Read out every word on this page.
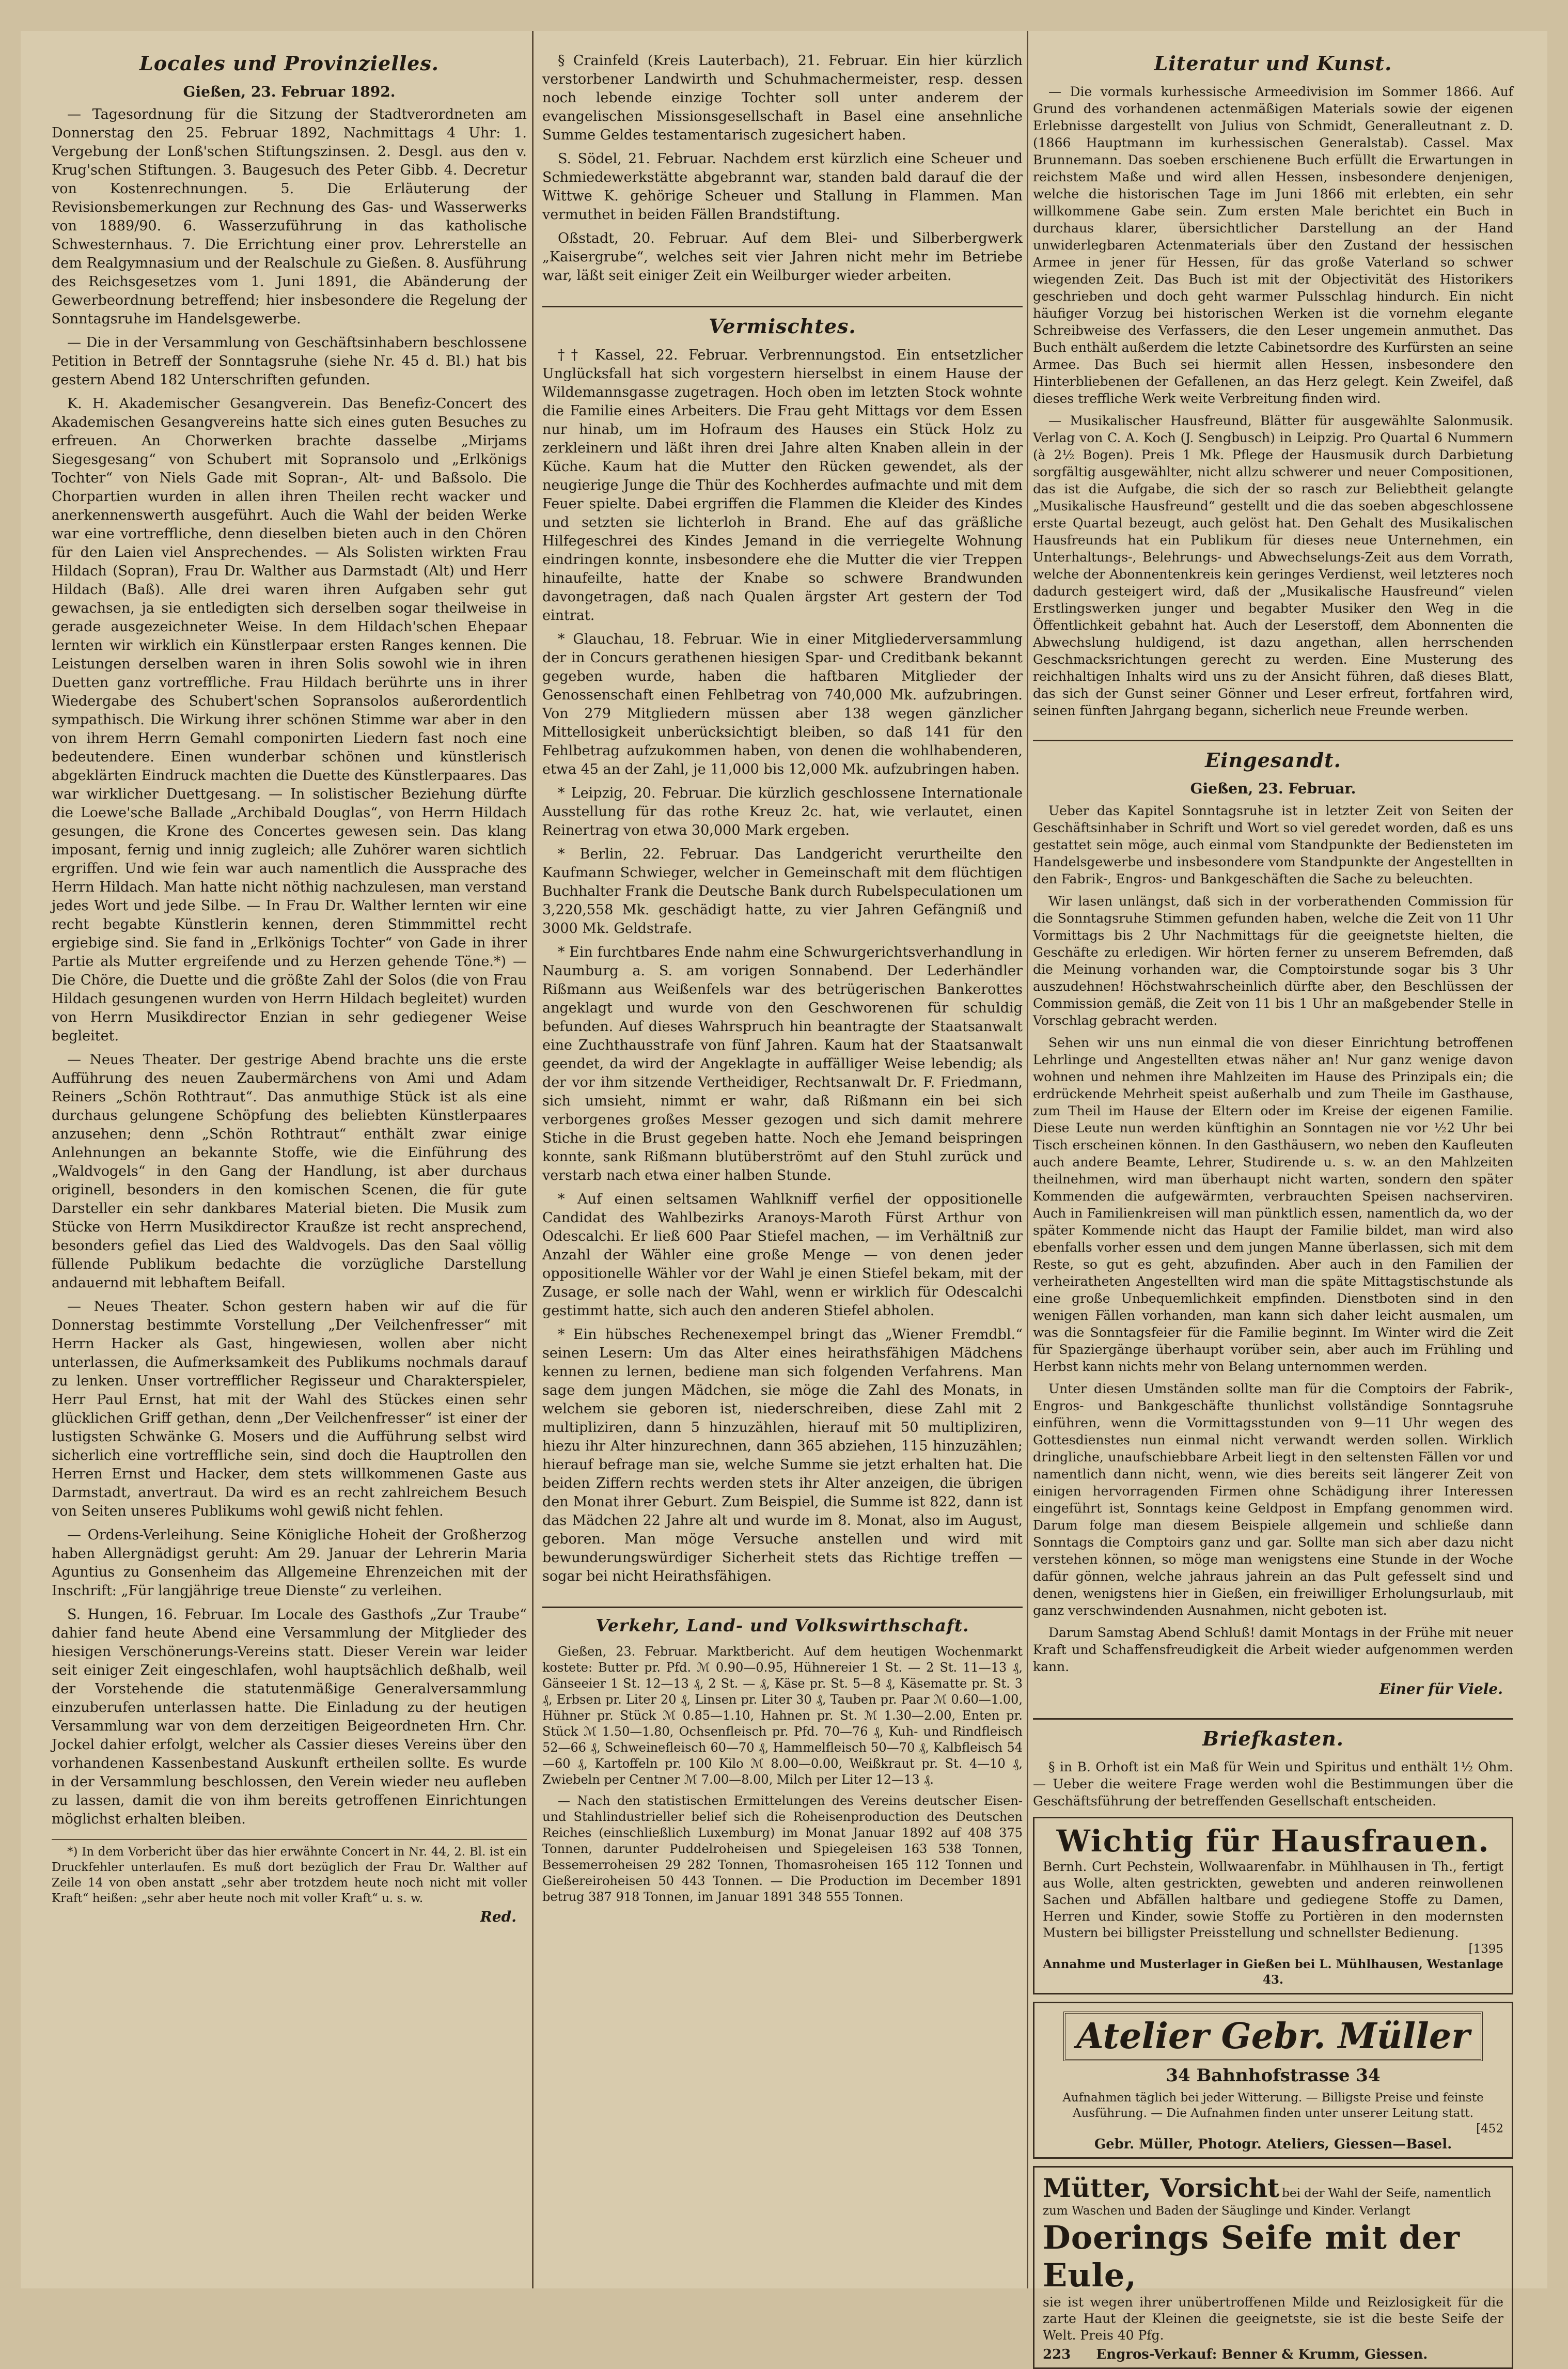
Locales und Provinzielles.
Gießen, 23. Februar 1892.

— Tagesordnung für die Sitzung der Stadtverordneten am Donnerstag den 25. Februar 1892, Nachmittags 4 Uhr: 1. Vergebung der Lonß'schen Stiftungszinsen. 2. Desgl. aus den v. Krug'schen Stiftungen. 3. Baugesuch des Peter Gibb. 4. Decretur von Kostenrechnungen. 5. Die Erläuterung der Revisionsbemerkungen zur Rechnung des Gas- und Wasserwerks von 1889/90. 6. Wasserzuführung in das katholische Schwesternhaus. 7. Die Errichtung einer prov. Lehrerstelle an dem Realgymnasium und der Realschule zu Gießen. 8. Ausführung des Reichsgesetzes vom 1. Juni 1891, die Abänderung der Gewerbeordnung betreffend; hier insbesondere die Regelung der Sonntagsruhe im Handelsgewerbe.

— Die in der Versammlung von Geschäftsinhabern beschlossene Petition in Betreff der Sonntagsruhe (siehe Nr. 45 d. Bl.) hat bis gestern Abend 182 Unterschriften gefunden.

K. H. Akademischer Gesangverein. Das Benefiz-Concert des Akademischen Gesangvereins hatte sich eines guten Besuches zu erfreuen. An Chorwerken brachte dasselbe „Mirjams Siegesgesang“ von Schubert mit Sopransolo und „Erlkönigs Tochter“ von Niels Gade mit Sopran-, Alt- und Baßsolo. Die Chorpartien wurden in allen ihren Theilen recht wacker und anerkennenswerth ausgeführt. Auch die Wahl der beiden Werke war eine vortreffliche, denn dieselben bieten auch in den Chören für den Laien viel Ansprechendes. — Als Solisten wirkten Frau Hildach (Sopran), Frau Dr. Walther aus Darmstadt (Alt) und Herr Hildach (Baß). Alle drei waren ihren Aufgaben sehr gut gewachsen, ja sie entledigten sich derselben sogar theilweise in gerade ausgezeichneter Weise. In dem Hildach'schen Ehepaar lernten wir wirklich ein Künstlerpaar ersten Ranges kennen. Die Leistungen derselben waren in ihren Solis sowohl wie in ihren Duetten ganz vortreffliche. Frau Hildach berührte uns in ihrer Wiedergabe des Schubert'schen Sopransolos außerordentlich sympathisch. Die Wirkung ihrer schönen Stimme war aber in den von ihrem Herrn Gemahl componirten Liedern fast noch eine bedeutendere. Einen wunderbar schönen und künstlerisch abgeklärten Eindruck machten die Duette des Künstlerpaares. Das war wirklicher Duettgesang. — In solistischer Beziehung dürfte die Loewe'sche Ballade „Archibald Douglas“, von Herrn Hildach gesungen, die Krone des Concertes gewesen sein. Das klang imposant, fernig und innig zugleich; alle Zuhörer waren sichtlich ergriffen. Und wie fein war auch namentlich die Aussprache des Herrn Hildach. Man hatte nicht nöthig nachzulesen, man verstand jedes Wort und jede Silbe. — In Frau Dr. Walther lernten wir eine recht begabte Künstlerin kennen, deren Stimmmittel recht ergiebige sind. Sie fand in „Erlkönigs Tochter“ von Gade in ihrer Partie als Mutter ergreifende und zu Herzen gehende Töne.*) — Die Chöre, die Duette und die größte Zahl der Solos (die von Frau Hildach gesungenen wurden von Herrn Hildach begleitet) wurden von Herrn Musikdirector Enzian in sehr gediegener Weise begleitet.

— Neues Theater. Der gestrige Abend brachte uns die erste Aufführung des neuen Zaubermärchens von Ami und Adam Reiners „Schön Rothtraut“. Das anmuthige Stück ist als eine durchaus gelungene Schöpfung des beliebten Künstlerpaares anzusehen; denn „Schön Rothtraut“ enthält zwar einige Anlehnungen an bekannte Stoffe, wie die Einführung des „Waldvogels“ in den Gang der Handlung, ist aber durchaus originell, besonders in den komischen Scenen, die für gute Darsteller ein sehr dankbares Material bieten. Die Musik zum Stücke von Herrn Musikdirector Kraußze ist recht ansprechend, besonders gefiel das Lied des Waldvogels. Das den Saal völlig füllende Publikum bedachte die vorzügliche Darstellung andauernd mit lebhaftem Beifall.

— Neues Theater. Schon gestern haben wir auf die für Donnerstag bestimmte Vorstellung „Der Veilchenfresser“ mit Herrn Hacker als Gast, hingewiesen, wollen aber nicht unterlassen, die Aufmerksamkeit des Publikums nochmals darauf zu lenken. Unser vortrefflicher Regisseur und Charakterspieler, Herr Paul Ernst, hat mit der Wahl des Stückes einen sehr glücklichen Griff gethan, denn „Der Veilchenfresser“ ist einer der lustigsten Schwänke G. Mosers und die Aufführung selbst wird sicherlich eine vortreffliche sein, sind doch die Hauptrollen den Herren Ernst und Hacker, dem stets willkommenen Gaste aus Darmstadt, anvertraut. Da wird es an recht zahlreichem Besuch von Seiten unseres Publikums wohl gewiß nicht fehlen.

— Ordens-Verleihung. Seine Königliche Hoheit der Großherzog haben Allergnädigst geruht: Am 29. Januar der Lehrerin Maria Aguntius zu Gonsenheim das Allgemeine Ehrenzeichen mit der Inschrift: „Für langjährige treue Dienste“ zu verleihen.

S. Hungen, 16. Februar. Im Locale des Gasthofs „Zur Traube“ dahier fand heute Abend eine Versammlung der Mitglieder des hiesigen Verschönerungs-Vereins statt. Dieser Verein war leider seit einiger Zeit eingeschlafen, wohl hauptsächlich deßhalb, weil der Vorstehende die statutenmäßige Generalversammlung einzuberufen unterlassen hatte. Die Einladung zu der heutigen Versammlung war von dem derzeitigen Beigeordneten Hrn. Chr. Jockel dahier erfolgt, welcher als Cassier dieses Vereins über den vorhandenen Kassenbestand Auskunft ertheilen sollte. Es wurde in der Versammlung beschlossen, den Verein wieder neu aufleben zu lassen, damit die von ihm bereits getroffenen Einrichtungen möglichst erhalten bleiben.

*) In dem Vorbericht über das hier erwähnte Concert in Nr. 44, 2. Bl. ist ein Druckfehler unterlaufen. Es muß dort bezüglich der Frau Dr. Walther auf Zeile 14 von oben anstatt „sehr aber trotzdem heute noch nicht mit voller Kraft“ heißen: „sehr aber heute noch mit voller Kraft“ u. s. w.
Red.

§ Crainfeld (Kreis Lauterbach), 21. Februar. Ein hier kürzlich verstorbener Landwirth und Schuhmachermeister, resp. dessen noch lebende einzige Tochter soll unter anderem der evangelischen Missionsgesellschaft in Basel eine ansehnliche Summe Geldes testamentarisch zugesichert haben.

S. Södel, 21. Februar. Nachdem erst kürzlich eine Scheuer und Schmiedewerkstätte abgebrannt war, standen bald darauf die der Wittwe K. gehörige Scheuer und Stallung in Flammen. Man vermuthet in beiden Fällen Brandstiftung.

Oßstadt, 20. Februar. Auf dem Blei- und Silberbergwerk „Kaisergrube“, welches seit vier Jahren nicht mehr im Betriebe war, läßt seit einiger Zeit ein Weilburger wieder arbeiten.

Vermischtes.

†† Kassel, 22. Februar. Verbrennungstod. Ein entsetzlicher Unglücksfall hat sich vorgestern hierselbst in einem Hause der Wildemannsgasse zugetragen. Hoch oben im letzten Stock wohnte die Familie eines Arbeiters. Die Frau geht Mittags vor dem Essen nur hinab, um im Hofraum des Hauses ein Stück Holz zu zerkleinern und läßt ihren drei Jahre alten Knaben allein in der Küche. Kaum hat die Mutter den Rücken gewendet, als der neugierige Junge die Thür des Kochherdes aufmachte und mit dem Feuer spielte. Dabei ergriffen die Flammen die Kleider des Kindes und setzten sie lichterloh in Brand. Ehe auf das gräßliche Hilfegeschrei des Kindes Jemand in die verriegelte Wohnung eindringen konnte, insbesondere ehe die Mutter die vier Treppen hinaufeilte, hatte der Knabe so schwere Brandwunden davongetragen, daß nach Qualen ärgster Art gestern der Tod eintrat.

* Glauchau, 18. Februar. Wie in einer Mitgliederversammlung der in Concurs gerathenen hiesigen Spar- und Creditbank bekannt gegeben wurde, haben die haftbaren Mitglieder der Genossenschaft einen Fehlbetrag von 740,000 Mk. aufzubringen. Von 279 Mitgliedern müssen aber 138 wegen gänzlicher Mittellosigkeit unberücksichtigt bleiben, so daß 141 für den Fehlbetrag aufzukommen haben, von denen die wohlhabenderen, etwa 45 an der Zahl, je 11,000 bis 12,000 Mk. aufzubringen haben.

* Leipzig, 20. Februar. Die kürzlich geschlossene Internationale Ausstellung für das rothe Kreuz 2c. hat, wie verlautet, einen Reinertrag von etwa 30,000 Mark ergeben.

* Berlin, 22. Februar. Das Landgericht verurtheilte den Kaufmann Schwieger, welcher in Gemeinschaft mit dem flüchtigen Buchhalter Frank die Deutsche Bank durch Rubelspeculationen um 3,220,558 Mk. geschädigt hatte, zu vier Jahren Gefängniß und 3000 Mk. Geldstrafe.

* Ein furchtbares Ende nahm eine Schwurgerichtsverhandlung in Naumburg a. S. am vorigen Sonnabend. Der Lederhändler Rißmann aus Weißenfels war des betrügerischen Bankerottes angeklagt und wurde von den Geschworenen für schuldig befunden. Auf dieses Wahrspruch hin beantragte der Staatsanwalt eine Zuchthausstrafe von fünf Jahren. Kaum hat der Staatsanwalt geendet, da wird der Angeklagte in auffälliger Weise lebendig; als der vor ihm sitzende Vertheidiger, Rechtsanwalt Dr. F. Friedmann, sich umsieht, nimmt er wahr, daß Rißmann ein bei sich verborgenes großes Messer gezogen und sich damit mehrere Stiche in die Brust gegeben hatte. Noch ehe Jemand beispringen konnte, sank Rißmann blutüberströmt auf den Stuhl zurück und verstarb nach etwa einer halben Stunde.

* Auf einen seltsamen Wahlkniff verfiel der oppositionelle Candidat des Wahlbezirks Aranoys-Maroth Fürst Arthur von Odescalchi. Er ließ 600 Paar Stiefel machen, — im Verhältniß zur Anzahl der Wähler eine große Menge — von denen jeder oppositionelle Wähler vor der Wahl je einen Stiefel bekam, mit der Zusage, er solle nach der Wahl, wenn er wirklich für Odescalchi gestimmt hatte, sich auch den anderen Stiefel abholen.

* Ein hübsches Rechenexempel bringt das „Wiener Fremdbl.“ seinen Lesern: Um das Alter eines heirathsfähigen Mädchens kennen zu lernen, bediene man sich folgenden Verfahrens. Man sage dem jungen Mädchen, sie möge die Zahl des Monats, in welchem sie geboren ist, niederschreiben, diese Zahl mit 2 multipliziren, dann 5 hinzuzählen, hierauf mit 50 multipliziren, hiezu ihr Alter hinzurechnen, dann 365 abziehen, 115 hinzuzählen; hierauf befrage man sie, welche Summe sie jetzt erhalten hat. Die beiden Ziffern rechts werden stets ihr Alter anzeigen, die übrigen den Monat ihrer Geburt. Zum Beispiel, die Summe ist 822, dann ist das Mädchen 22 Jahre alt und wurde im 8. Monat, also im August, geboren. Man möge Versuche anstellen und wird mit bewunderungswürdiger Sicherheit stets das Richtige treffen — sogar bei nicht Heirathsfähigen.

Verkehr, Land- und Volkswirthschaft.

Gießen, 23. Februar. Marktbericht. Auf dem heutigen Wochenmarkt kostete: Butter pr. Pfd. ℳ 0.90—0.95, Hühnereier 1 St. — 2 St. 11—13 ₰, Gänseeier 1 St. 12—13 ₰, 2 St. — ₰, Käse pr. St. 5—8 ₰, Käsematte pr. St. 3 ₰, Erbsen pr. Liter 20 ₰, Linsen pr. Liter 30 ₰, Tauben pr. Paar ℳ 0.60—1.00, Hühner pr. Stück ℳ 0.85—1.10, Hahnen pr. St. ℳ 1.30—2.00, Enten pr. Stück ℳ 1.50—1.80, Ochsenfleisch pr. Pfd. 70—76 ₰, Kuh- und Rindfleisch 52—66 ₰, Schweinefleisch 60—70 ₰, Hammelfleisch 50—70 ₰, Kalbfleisch 54—60 ₰, Kartoffeln pr. 100 Kilo ℳ 8.00—0.00, Weißkraut pr. St. 4—10 ₰, Zwiebeln per Centner ℳ 7.00—8.00, Milch per Liter 12—13 ₰.

— Nach den statistischen Ermittelungen des Vereins deutscher Eisen- und Stahlindustrieller belief sich die Roheisenproduction des Deutschen Reiches (einschließlich Luxemburg) im Monat Januar 1892 auf 408 375 Tonnen, darunter Puddelroheisen und Spiegeleisen 163 538 Tonnen, Bessemerroheisen 29 282 Tonnen, Thomasroheisen 165 112 Tonnen und Gießereiroheisen 50 443 Tonnen. — Die Production im December 1891 betrug 387 918 Tonnen, im Januar 1891 348 555 Tonnen.

Literatur und Kunst.

— Die vormals kurhessische Armeedivision im Sommer 1866. Auf Grund des vorhandenen actenmäßigen Materials sowie der eigenen Erlebnisse dargestellt von Julius von Schmidt, Generalleutnant z. D. (1866 Hauptmann im kurhessischen Generalstab). Cassel. Max Brunnemann. Das soeben erschienene Buch erfüllt die Erwartungen in reichstem Maße und wird allen Hessen, insbesondere denjenigen, welche die historischen Tage im Juni 1866 mit erlebten, ein sehr willkommene Gabe sein. Zum ersten Male berichtet ein Buch in durchaus klarer, übersichtlicher Darstellung an der Hand unwiderlegbaren Actenmaterials über den Zustand der hessischen Armee in jener für Hessen, für das große Vaterland so schwer wiegenden Zeit. Das Buch ist mit der Objectivität des Historikers geschrieben und doch geht warmer Pulsschlag hindurch. Ein nicht häufiger Vorzug bei historischen Werken ist die vornehm elegante Schreibweise des Verfassers, die den Leser ungemein anmuthet. Das Buch enthält außerdem die letzte Cabinetsordre des Kurfürsten an seine Armee. Das Buch sei hiermit allen Hessen, insbesondere den Hinterbliebenen der Gefallenen, an das Herz gelegt. Kein Zweifel, daß dieses treffliche Werk weite Verbreitung finden wird.

— Musikalischer Hausfreund, Blätter für ausgewählte Salonmusik. Verlag von C. A. Koch (J. Sengbusch) in Leipzig. Pro Quartal 6 Nummern (à 2½ Bogen). Preis 1 Mk. Pflege der Hausmusik durch Darbietung sorgfältig ausgewählter, nicht allzu schwerer und neuer Compositionen, das ist die Aufgabe, die sich der so rasch zur Beliebtheit gelangte „Musikalische Hausfreund“ gestellt und die das soeben abgeschlossene erste Quartal bezeugt, auch gelöst hat. Den Gehalt des Musikalischen Hausfreunds hat ein Publikum für dieses neue Unternehmen, ein Unterhaltungs-, Belehrungs- und Abwechselungs-Zeit aus dem Vorrath, welche der Abonnentenkreis kein geringes Verdienst, weil letzteres noch dadurch gesteigert wird, daß der „Musikalische Hausfreund“ vielen Erstlingswerken junger und begabter Musiker den Weg in die Öffentlichkeit gebahnt hat. Auch der Leserstoff, dem Abonnenten die Abwechslung huldigend, ist dazu angethan, allen herrschenden Geschmacksrichtungen gerecht zu werden. Eine Musterung des reichhaltigen Inhalts wird uns zu der Ansicht führen, daß dieses Blatt, das sich der Gunst seiner Gönner und Leser erfreut, fortfahren wird, seinen fünften Jahrgang begann, sicherlich neue Freunde werben.

Eingesandt.
Gießen, 23. Februar.

Ueber das Kapitel Sonntagsruhe ist in letzter Zeit von Seiten der Geschäftsinhaber in Schrift und Wort so viel geredet worden, daß es uns gestattet sein möge, auch einmal vom Standpunkte der Bediensteten im Handelsgewerbe und insbesondere vom Standpunkte der Angestellten in den Fabrik-, Engros- und Bankgeschäften die Sache zu beleuchten.

Wir lasen unlängst, daß sich in der vorberathenden Commission für die Sonntagsruhe Stimmen gefunden haben, welche die Zeit von 11 Uhr Vormittags bis 2 Uhr Nachmittags für die geeignetste hielten, die Geschäfte zu erledigen. Wir hörten ferner zu unserem Befremden, daß die Meinung vorhanden war, die Comptoirstunde sogar bis 3 Uhr auszudehnen! Höchstwahrscheinlich dürfte aber, den Beschlüssen der Commission gemäß, die Zeit von 11 bis 1 Uhr an maßgebender Stelle in Vorschlag gebracht werden.

Sehen wir uns nun einmal die von dieser Einrichtung betroffenen Lehrlinge und Angestellten etwas näher an! Nur ganz wenige davon wohnen und nehmen ihre Mahlzeiten im Hause des Prinzipals ein; die erdrückende Mehrheit speist außerhalb und zum Theile im Gasthause, zum Theil im Hause der Eltern oder im Kreise der eigenen Familie. Diese Leute nun werden künftighin an Sonntagen nie vor ½2 Uhr bei Tisch erscheinen können. In den Gasthäusern, wo neben den Kaufleuten auch andere Beamte, Lehrer, Studirende u. s. w. an den Mahlzeiten theilnehmen, wird man überhaupt nicht warten, sondern den später Kommenden die aufgewärmten, verbrauchten Speisen nachserviren. Auch in Familienkreisen will man pünktlich essen, namentlich da, wo der später Kommende nicht das Haupt der Familie bildet, man wird also ebenfalls vorher essen und dem jungen Manne überlassen, sich mit dem Reste, so gut es geht, abzufinden. Aber auch in den Familien der verheiratheten Angestellten wird man die späte Mittagstischstunde als eine große Unbequemlichkeit empfinden. Dienstboten sind in den wenigen Fällen vorhanden, man kann sich daher leicht ausmalen, um was die Sonntagsfeier für die Familie beginnt. Im Winter wird die Zeit für Spaziergänge überhaupt vorüber sein, aber auch im Frühling und Herbst kann nichts mehr von Belang unternommen werden.

Unter diesen Umständen sollte man für die Comptoirs der Fabrik-, Engros- und Bankgeschäfte thunlichst vollständige Sonntagsruhe einführen, wenn die Vormittagsstunden von 9—11 Uhr wegen des Gottesdienstes nun einmal nicht verwandt werden sollen. Wirklich dringliche, unaufschiebbare Arbeit liegt in den seltensten Fällen vor und namentlich dann nicht, wenn, wie dies bereits seit längerer Zeit von einigen hervorragenden Firmen ohne Schädigung ihrer Interessen eingeführt ist, Sonntags keine Geldpost in Empfang genommen wird. Darum folge man diesem Beispiele allgemein und schließe dann Sonntags die Comptoirs ganz und gar. Sollte man sich aber dazu nicht verstehen können, so möge man wenigstens eine Stunde in der Woche dafür gönnen, welche jahraus jahrein an das Pult gefesselt sind und denen, wenigstens hier in Gießen, ein freiwilliger Erholungsurlaub, mit ganz verschwindenden Ausnahmen, nicht geboten ist.

Darum Samstag Abend Schluß! damit Montags in der Frühe mit neuer Kraft und Schaffensfreudigkeit die Arbeit wieder aufgenommen werden kann.

Einer für Viele.
Briefkasten.

§ in B. Orhoft ist ein Maß für Wein und Spiritus und enthält 1½ Ohm. — Ueber die weitere Frage werden wohl die Bestimmungen über die Geschäftsführung der betreffenden Gesellschaft entscheiden.

Wichtig für Hausfrauen.
Bernh. Curt Pechstein, Wollwaarenfabr. in Mühlhausen in Th., fertigt aus Wolle, alten gestrickten, gewebten und anderen reinwollenen Sachen und Abfällen haltbare und gediegene Stoffe zu Damen, Herren und Kinder, sowie Stoffe zu Portièren in den modernsten Mustern bei billigster Preisstellung und schnellster Bedienung.
[1395
Annahme und Musterlager in Gießen bei L. Mühlhausen, Westanlage 43.
Atelier Gebr. Müller
34 Bahnhofstrasse 34
Aufnahmen täglich bei jeder Witterung. — Billigste Preise und feinste Ausführung. — Die Aufnahmen finden unter unserer Leitung statt.
[452
Gebr. Müller, Photogr. Ateliers, Giessen—Basel.
Mütter, Vorsicht bei der Wahl der Seife, namentlich zum Waschen und Baden der Säuglinge und Kinder. Verlangt
Doerings Seife mit der Eule,
sie ist wegen ihrer unübertroffenen Milde und Reizlosigkeit für die zarte Haut der Kleinen die geeignetste, sie ist die beste Seife der Welt. Preis 40 Pfg.
223 Engros-Verkauf: Benner & Krumm, Giessen.
